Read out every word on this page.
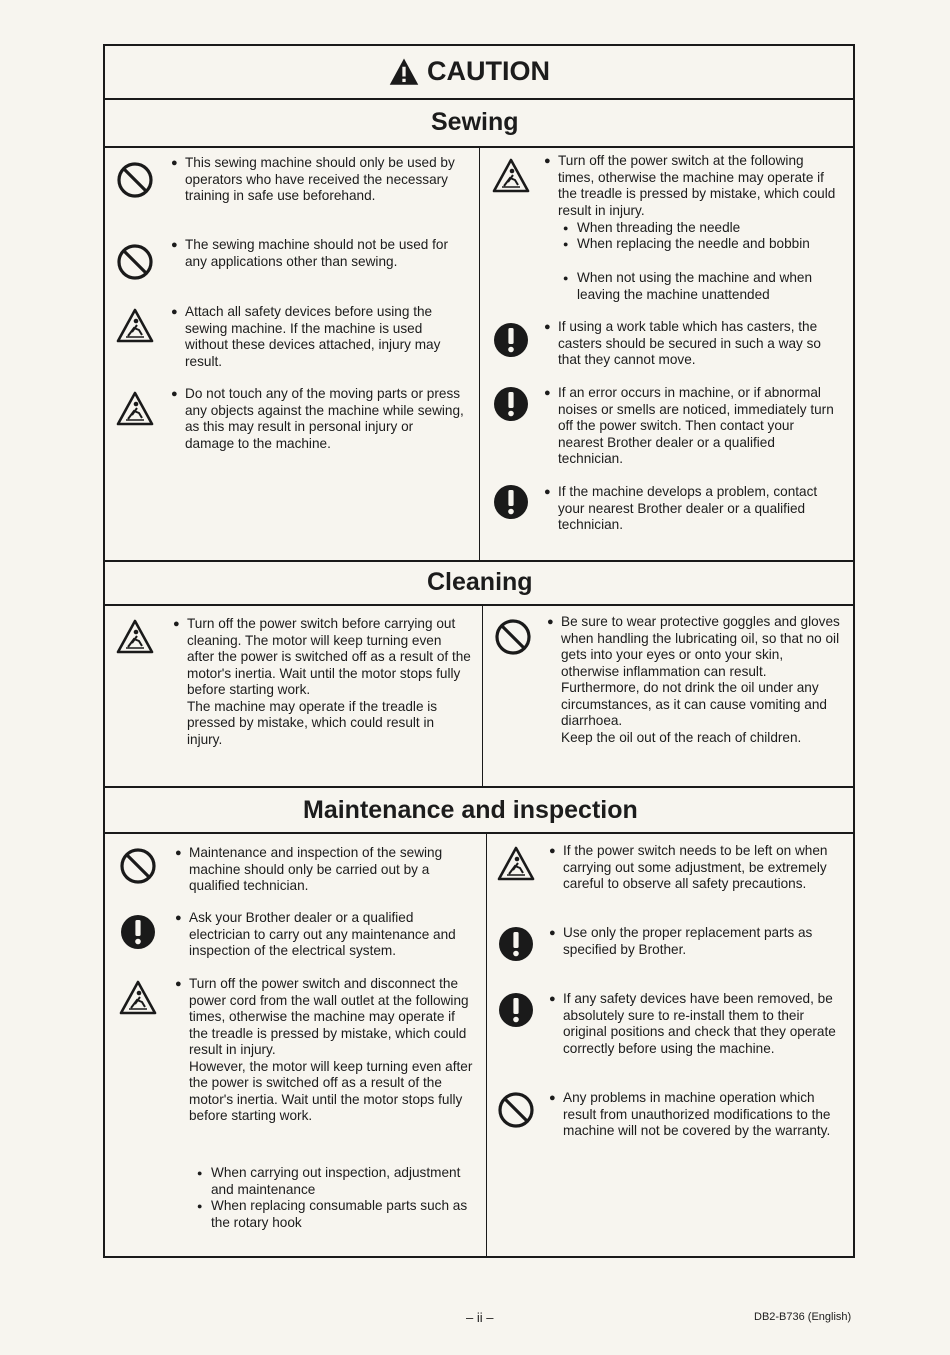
CAUTION
Sewing
● This sewing machine should only be used by operators who have received the necessary training in safe use beforehand.

● The sewing machine should not be used for any applications other than sewing.

● Attach all safety devices before using the sewing machine. If the machine is used without these devices attached, injury may result.

● Do not touch any of the moving parts or press any objects against the machine while sewing, as this may result in personal injury or damage to the machine.

● Turn off the power switch at the following times, otherwise the machine may operate if the treadle is pressed by mistake, which could result in injury.

● When threading the needle
● When replacing the needle and bobbin
● When not using the machine and when leaving the machine unattended
● If using a work table which has casters, the casters should be secured in such a way so that they cannot move.

● If an error occurs in machine, or if abnormal noises or smells are noticed, immediately turn off the power switch. Then contact your nearest Brother dealer or a qualified technician.

● If the machine develops a problem, contact your nearest Brother dealer or a qualified technician.

Cleaning
● Turn off the power switch before carrying out cleaning. The motor will keep turning even after the power is switched off as a result of the motor's inertia. Wait until the motor stops fully before starting work.

The machine may operate if the treadle is pressed by mistake, which could result in injury.

● Be sure to wear protective goggles and gloves when handling the lubricating oil, so that no oil gets into your eyes or onto your skin, otherwise inflammation can result.

Furthermore, do not drink the oil under any circumstances, as it can cause vomiting and diarrhoea.

Keep the oil out of the reach of children.

Maintenance and inspection
● Maintenance and inspection of the sewing machine should only be carried out by a qualified technician.

● Ask your Brother dealer or a qualified electrician to carry out any maintenance and inspection of the electrical system.

● Turn off the power switch and disconnect the power cord from the wall outlet at the following times, otherwise the machine may operate if the treadle is pressed by mistake, which could result in injury.

However, the motor will keep turning even after the power is switched off as a result of the motor's inertia. Wait until the motor stops fully before starting work.

● When carrying out inspection, adjustment and maintenance
● When replacing consumable parts such as the rotary hook
● If the power switch needs to be left on when carrying out some adjustment, be extremely careful to observe all safety precautions.

● Use only the proper replacement parts as specified by Brother.

● If any safety devices have been removed, be absolutely sure to re-install them to their original positions and check that they operate correctly before using the machine.

● Any problems in machine operation which result from unauthorized modifications to the machine will not be covered by the warranty.

– ii –	DB2-B736 (English)
